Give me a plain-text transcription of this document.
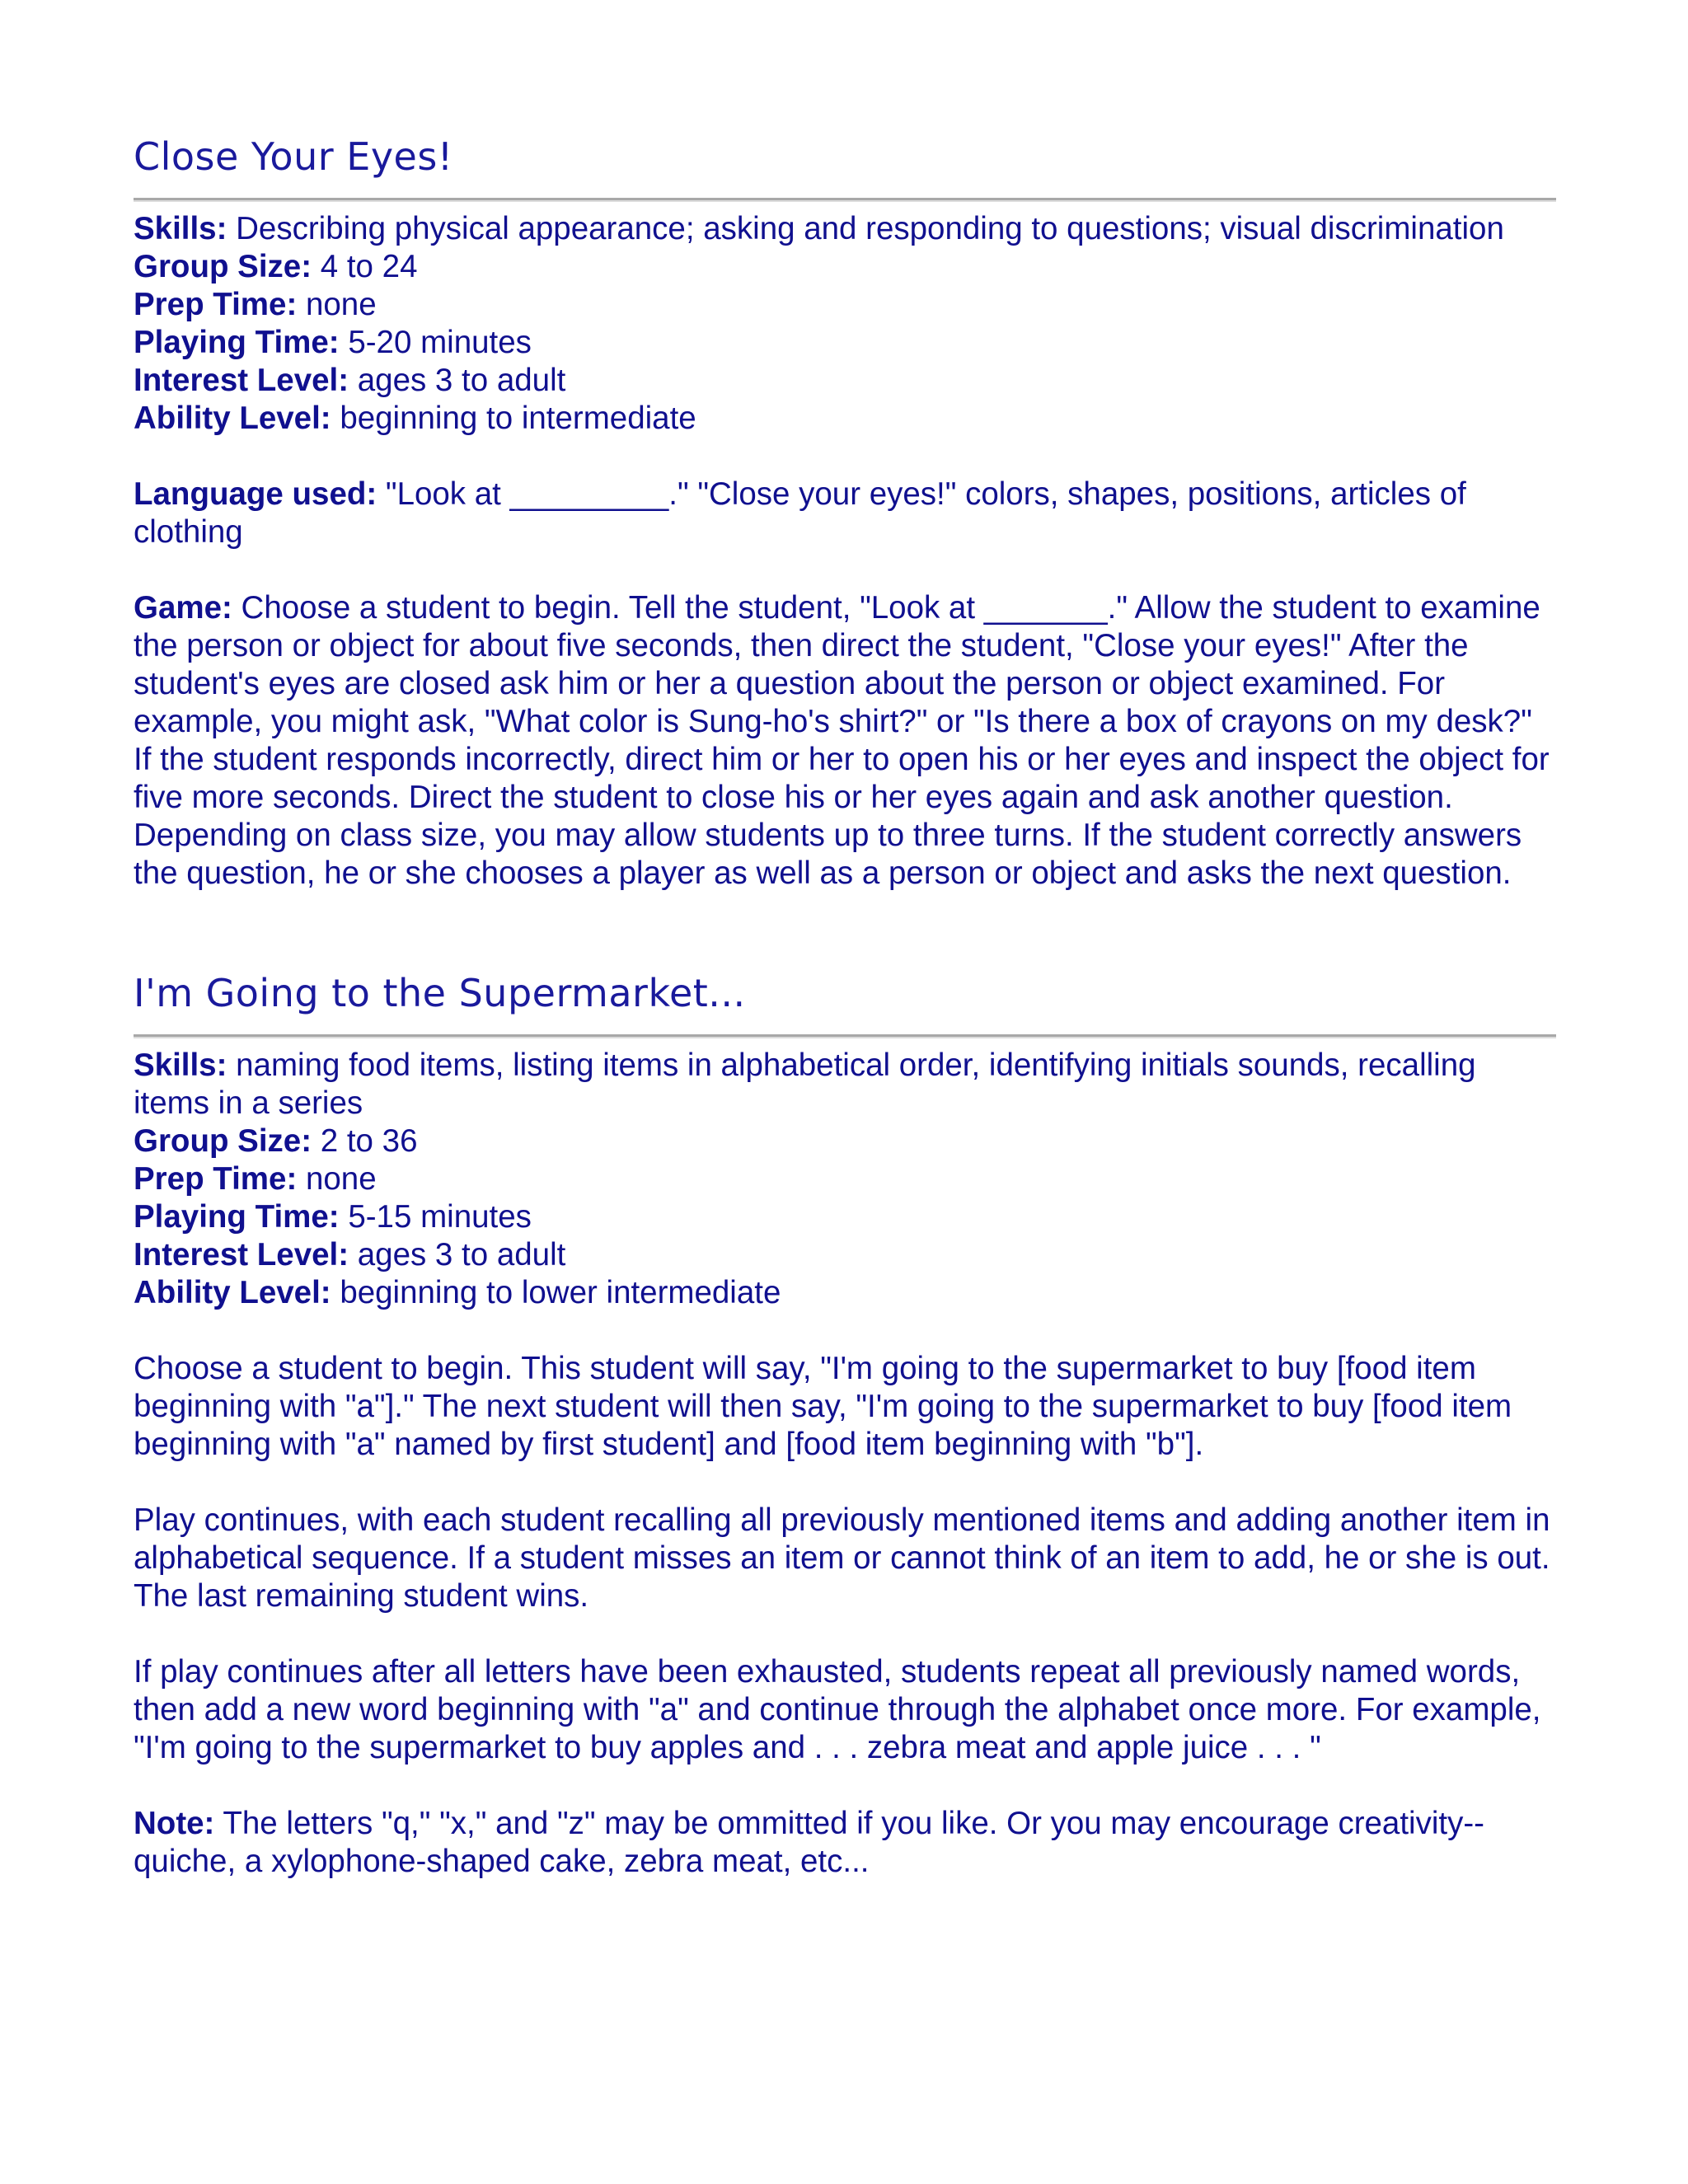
Close Your Eyes!

Skills: Describing physical appearance; asking and responding to questions; visual discrimination

Group Size: 4 to 24

Prep Time: none

Playing Time: 5-20 minutes

Interest Level: ages 3 to adult

Ability Level: beginning to intermediate

Language used: "Look at _________." "Close your eyes!" colors, shapes, positions, articles of clothing

Game: Choose a student to begin. Tell the student, "Look at _______." Allow the student to examine the person or object for about five seconds, then direct the student, "Close your eyes!" After the student's eyes are closed ask him or her a question about the person or object examined. For example, you might ask, "What color is Sung-ho's shirt?" or "Is there a box of crayons on my desk?" If the student responds incorrectly, direct him or her to open his or her eyes and inspect the object for five more seconds. Direct the student to close his or her eyes again and ask another question. Depending on class size, you may allow students up to three turns. If the student correctly answers the question, he or she chooses a player as well as a person or object and asks the next question.

I'm Going to the Supermarket...

Skills: naming food items, listing items in alphabetical order, identifying initials sounds, recalling items in a series

Group Size: 2 to 36

Prep Time: none

Playing Time: 5-15 minutes

Interest Level: ages 3 to adult

Ability Level: beginning to lower intermediate

Choose a student to begin. This student will say, "I'm going to the supermarket to buy [food item beginning with "a"]." The next student will then say, "I'm going to the supermarket to buy [food item beginning with "a" named by first student] and [food item beginning with "b"].

Play continues, with each student recalling all previously mentioned items and adding another item in alphabetical sequence. If a student misses an item or cannot think of an item to add, he or she is out. The last remaining student wins.

If play continues after all letters have been exhausted, students repeat all previously named words, then add a new word beginning with "a" and continue through the alphabet once more. For example, "I'm going to the supermarket to buy apples and . . . zebra meat and apple juice . . . "

Note: The letters "q," "x," and "z" may be ommitted if you like. Or you may encourage creativity--quiche, a xylophone-shaped cake, zebra meat, etc...
